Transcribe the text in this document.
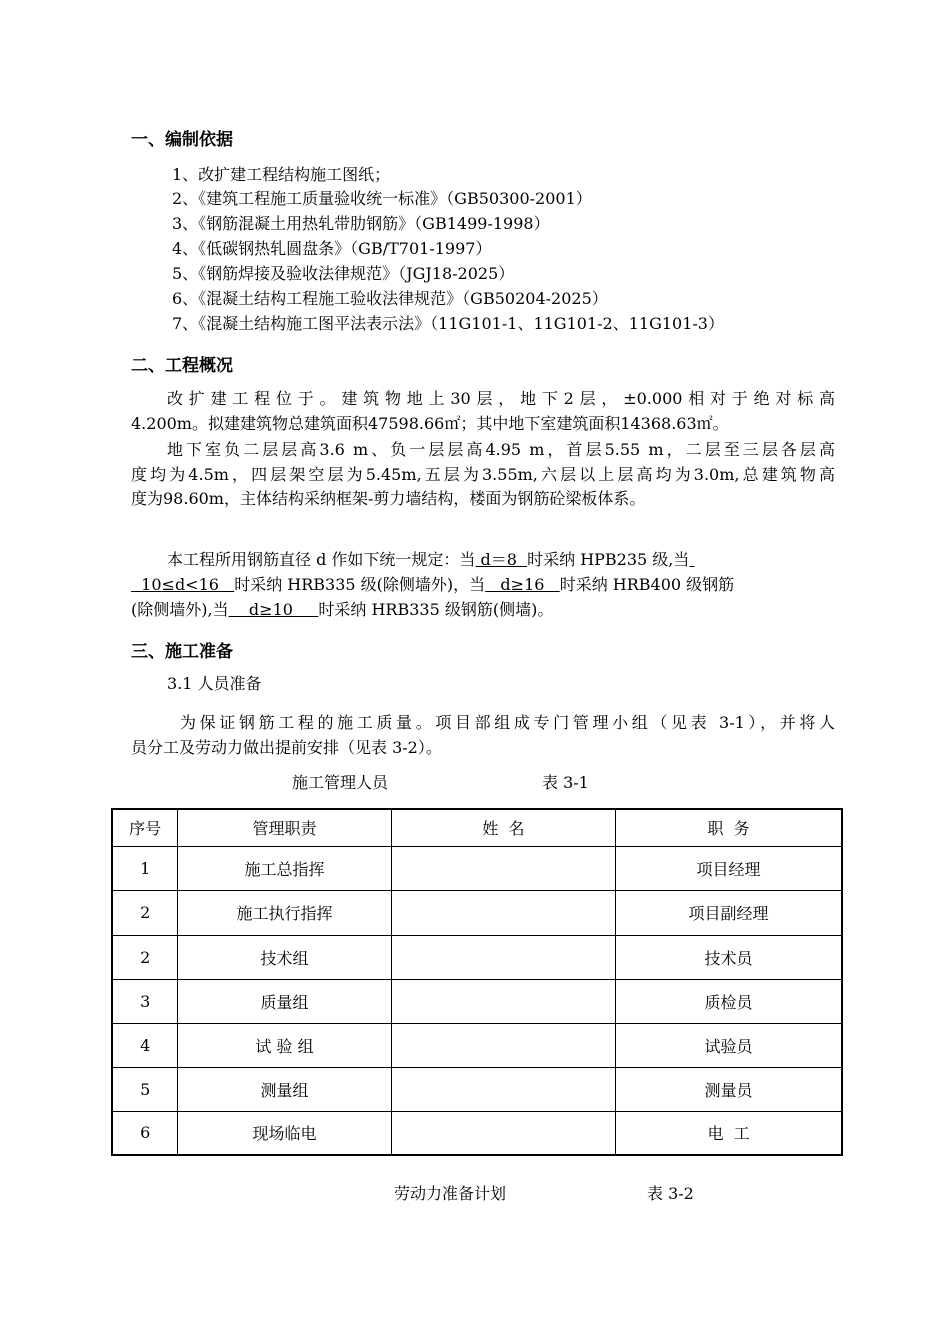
一、编制依据
1、改扩建工程结构施工图纸；
2、《建筑工程施工质量验收统一标准》（GB50300-2001）
3、《钢筋混凝土用热轧带肋钢筋》（GB1499-1998）
4、《低碳钢热轧圆盘条》（GB/T701-1997）
5、《钢筋焊接及验收法律规范》（JGJ18-2025）
6、《混凝土结构工程施工验收法律规范》（GB50204-2025）
7、《混凝土结构施工图平法表示法》（11G101-1、11G101-2、11G101-3）
二、工程概况
改扩建工程位于。建筑物地上30层，地下2层，±0.000相对于绝对标高
4.200m。拟建建筑物总建筑面积47598.66㎡；其中地下室建筑面积14368.63㎡。
地下室负二层层高3.6 m、负一层层高4.95 m，首层5.55 m，二层至三层各层高
度均为4.5m，四层架空层为5.45m,五层为3.55m,六层以上层高均为3.0m,总建筑物高
度为98.60m，主体结构采纳框架-剪力墙结构，楼面为钢筋砼梁板体系。
本工程所用钢筋直径 d 作如下统一规定：当 d＝8  时采纳 HPB235 级,当
10≤d<16   时采纳 HRB335 级(除侧墙外)，当   d≥16   时采纳 HRB400 级钢筋
(除侧墙外),当    d≥10     时采纳 HRB335 级钢筋(侧墙)。
三、施工准备
3.1 人员准备
为保证钢筋工程的施工质量。项目部组成专门管理小组（见表 3-1），并将人
员分工及劳动力做出提前安排（见表 3-2）。
施工管理人员	表 3-1
序号	管理职责	姓  名	职  务
1	施工总指挥		项目经理
2	施工执行指挥		项目副经理
2	技术组		技术员
3	质量组		质检员
4	试 验 组		试验员
5	测量组		测量员
6	现场临电		电  工
劳动力准备计划	表 3-2
